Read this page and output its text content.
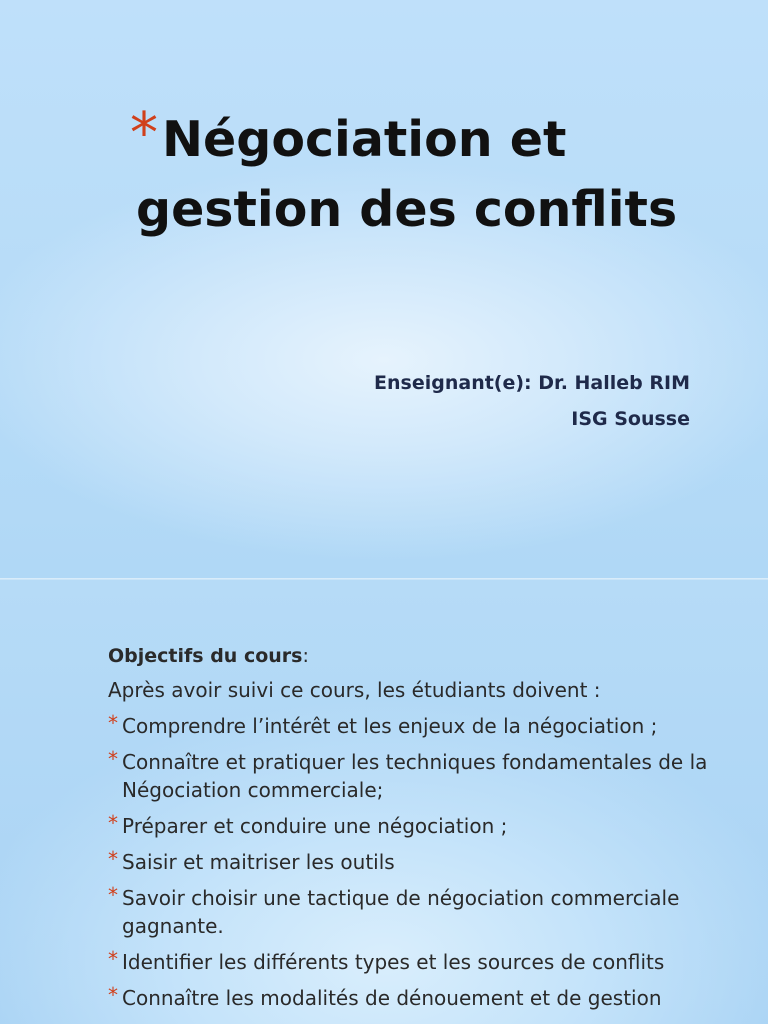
* Négociation et
gestion des conflits
Enseignant(e): Dr. Halleb RIM
ISG Sousse
Objectifs du cours:
Après avoir suivi ce cours, les étudiants doivent :
* Comprendre l’intérêt et les enjeux de la négociation ;
* Connaître et pratiquer les techniques fondamentales de la Négociation commerciale;
* Préparer et conduire une négociation ;
* Saisir et maitriser les outils
* Savoir choisir une tactique de négociation commerciale gagnante.
* Identifier les différents types et les sources de conflits
* Connaître les modalités de dénouement et de gestion
